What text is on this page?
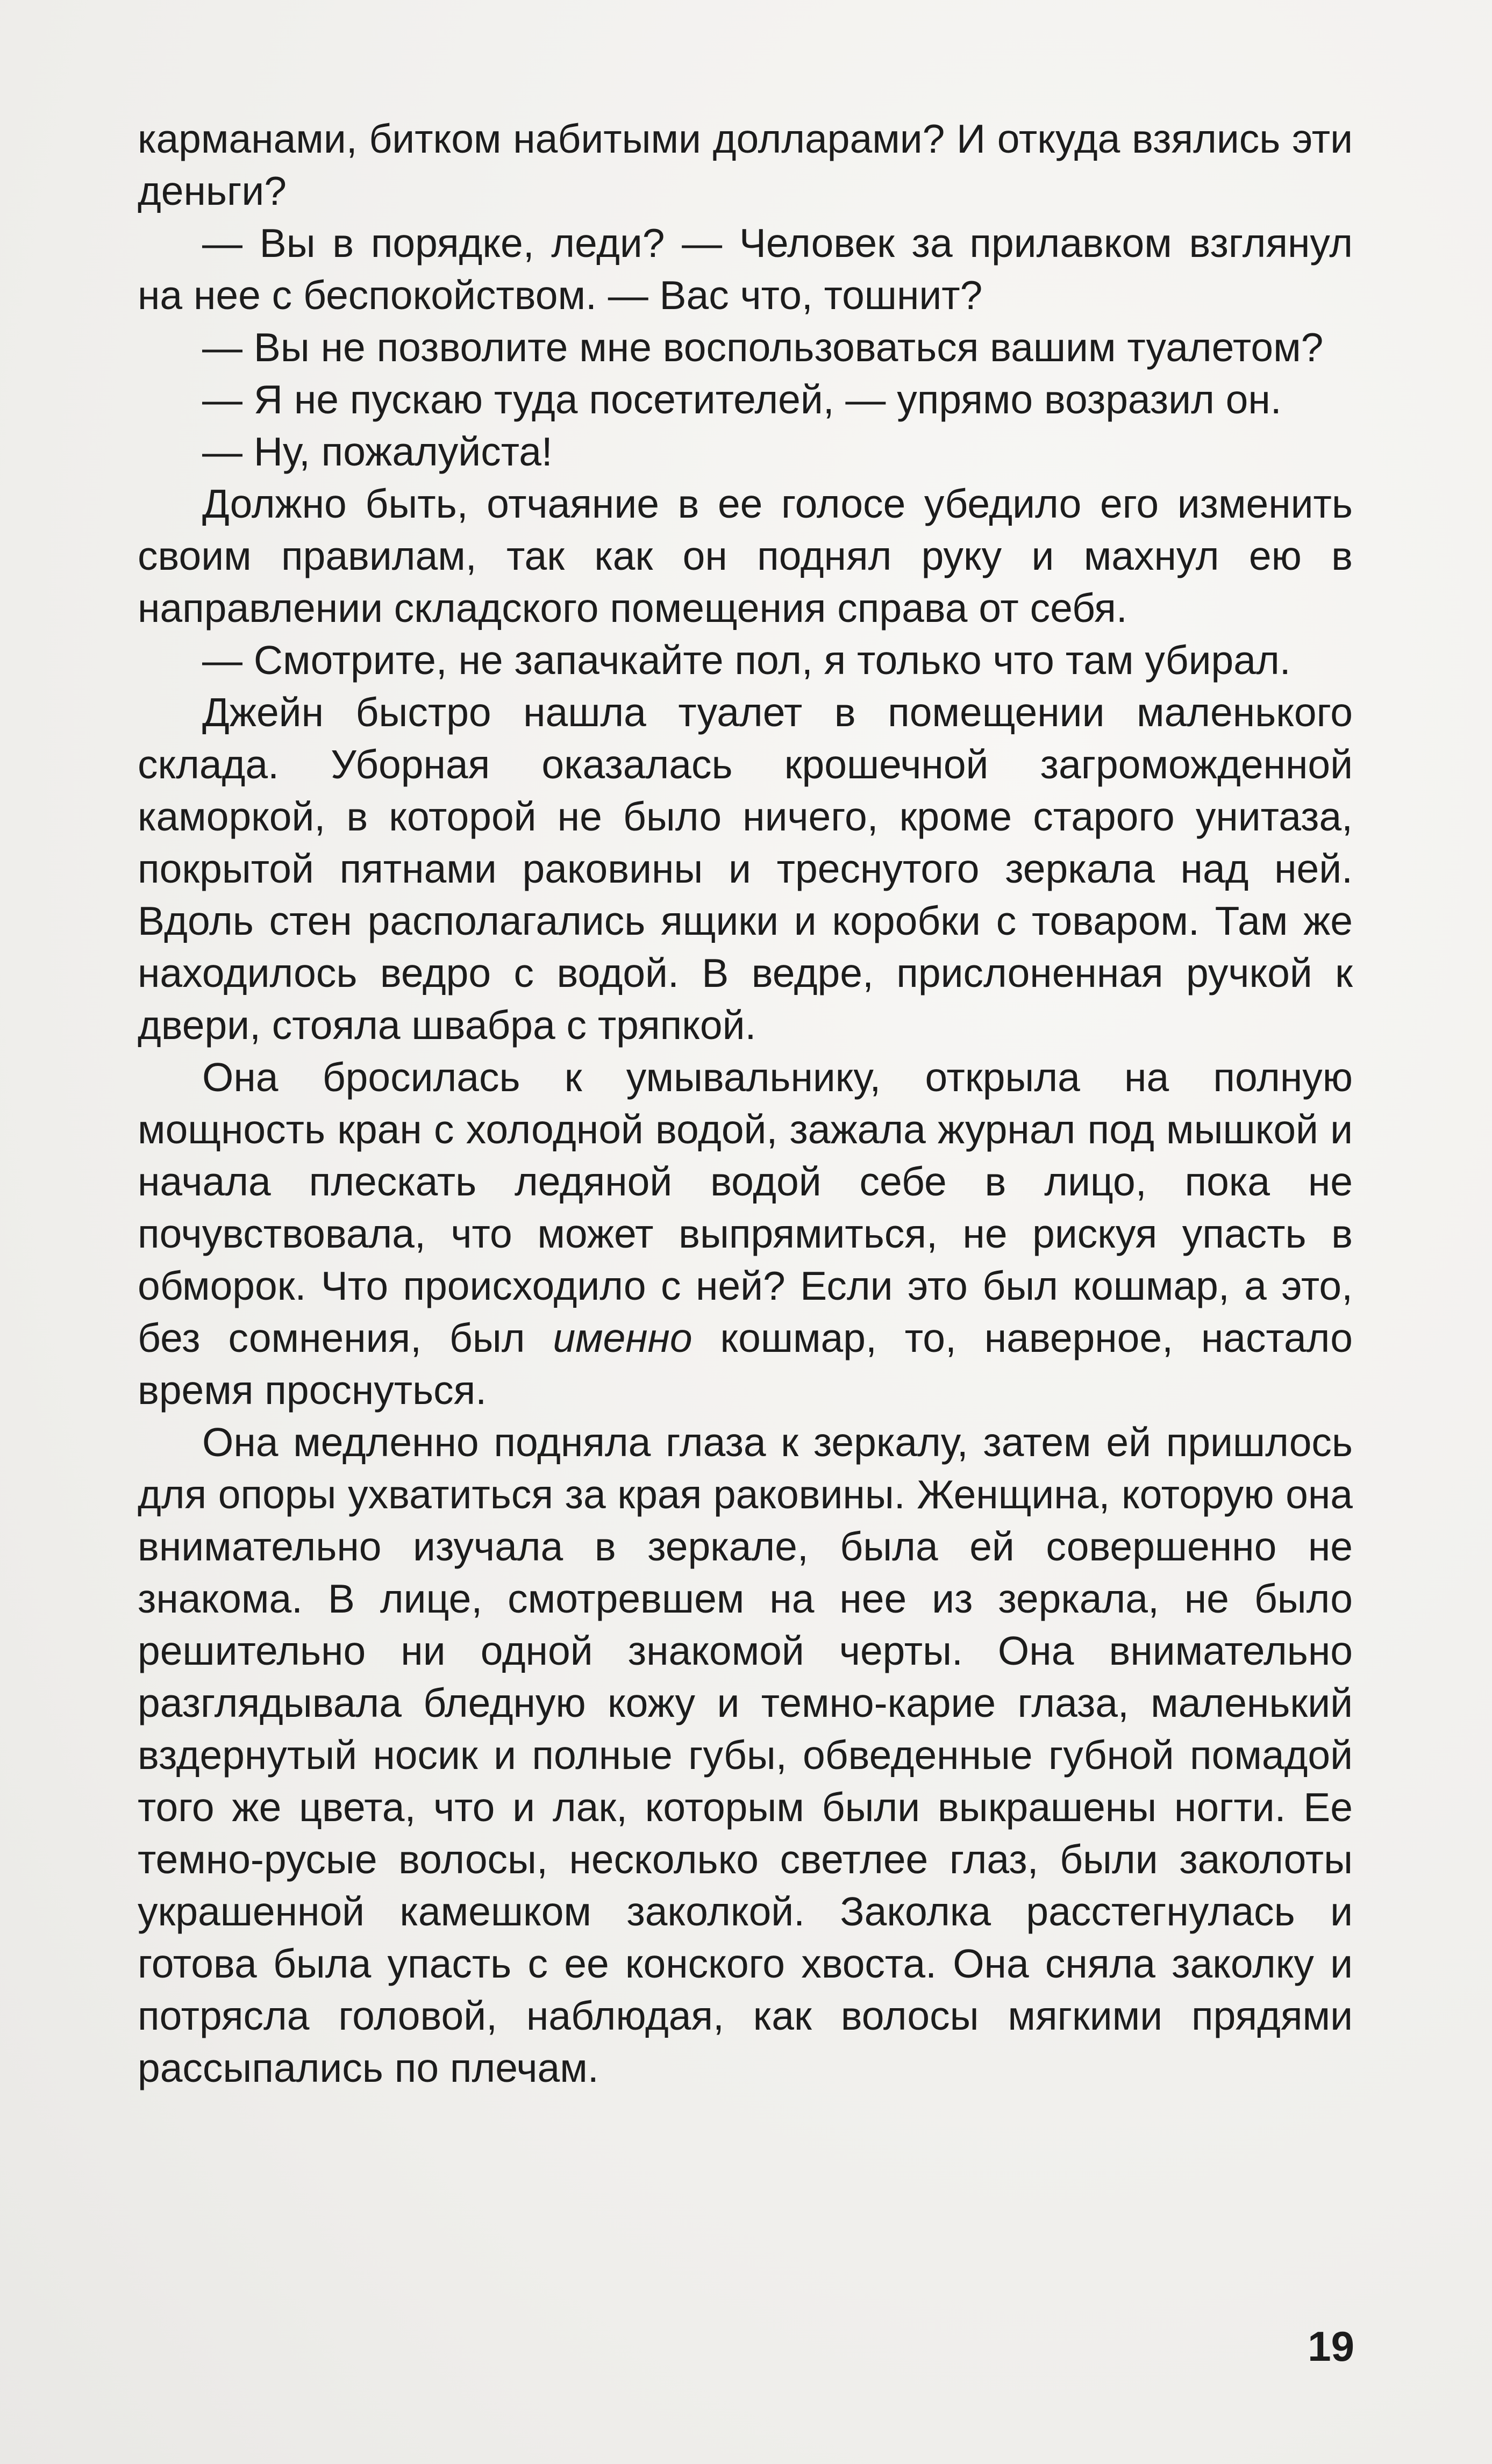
карманами, битком набитыми долларами? И откуда взялись эти деньги?

— Вы в порядке, леди? — Человек за прилавком взглянул на нее с беспокойством. — Вас что, тошнит?

— Вы не позволите мне воспользоваться вашим туалетом?

— Я не пускаю туда посетителей, — упрямо возразил он.

— Ну, пожалуйста!

Должно быть, отчаяние в ее голосе убедило его изменить своим правилам, так как он поднял руку и махнул ею в направлении складского помещения справа от себя.

— Смотрите, не запачкайте пол, я только что там убирал.

Джейн быстро нашла туалет в помещении маленького склада. Уборная оказалась крошечной загроможденной каморкой, в которой не было ничего, кроме старого унитаза, покрытой пятнами раковины и треснутого зеркала над ней. Вдоль стен располагались ящики и коробки с товаром. Там же находилось ведро с водой. В ведре, прислоненная ручкой к двери, стояла швабра с тряпкой.

Она бросилась к умывальнику, открыла на полную мощность кран с холодной водой, зажала журнал под мышкой и начала плескать ледяной водой себе в лицо, пока не почувствовала, что может выпрямиться, не рискуя упасть в обморок. Что происходило с ней? Если это был кошмар, а это, без сомнения, был именно кошмар, то, наверное, настало время проснуться.

Она медленно подняла глаза к зеркалу, затем ей пришлось для опоры ухватиться за края раковины. Женщина, которую она внимательно изучала в зеркале, была ей совершенно не знакома. В лице, смотревшем на нее из зеркала, не было решительно ни одной знакомой черты. Она внимательно разглядывала бледную кожу и темно-карие глаза, маленький вздернутый носик и полные губы, обведенные губной помадой того же цвета, что и лак, которым были выкрашены ногти. Ее темно-русые волосы, несколько светлее глаз, были заколоты украшенной камешком заколкой. Заколка расстегнулась и готова была упасть с ее конского хвоста. Она сняла заколку и потрясла головой, наблюдая, как волосы мягкими прядями рассыпались по плечам.

19
